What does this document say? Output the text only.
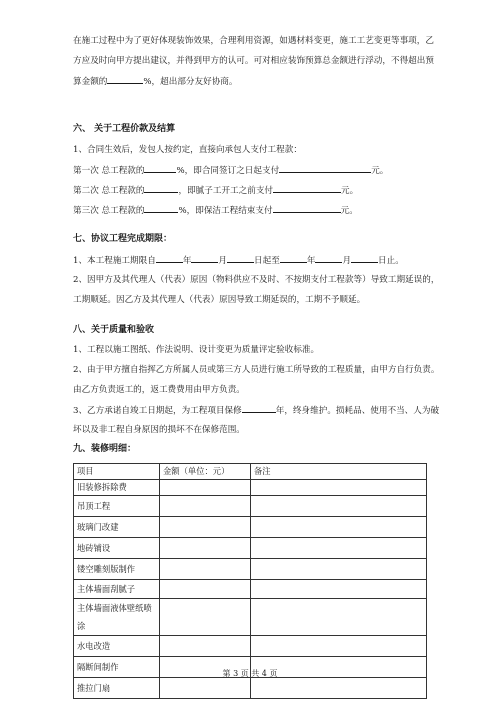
在施工过程中为了更好体现装饰效果，合理利用资源，如遇材料变更，施工工艺变更等事项，乙
方应及时向甲方提出建议，并得到甲方的认可。可对相应装饰预算总金额进行浮动，不得超出预
算金额的	%，超出部分友好协商。
六、 关于工程价款及结算
1、合同生效后，发包人按约定，直接向承包人支付工程款：
第一次 总工程款的	%，即合同签订之日起支付	元。
第二次 总工程款的	，即腻子工开工之前支付	元。
第三次 总工程款的	%，即保洁工程结束支付	元。
七、协议工程完成期限：
1、本工程施工期限自	年	月	日起至	年	月	日止。
2、因甲方及其代理人（代表）原因（物料供应不及时、不按期支付工程款等）导致工期延误的，
工期顺延。因乙方及其代理人（代表）原因导致工期延误的，工期不予顺延。
八、关于质量和验收
1、工程以施工图纸、作法说明、设计变更为质量评定验收标准。
2、由于甲方擅自指挥乙方所属人员或第三方人员进行施工所导致的工程质量，由甲方自行负责。
由乙方负责返工的，返工费费用由甲方负责。
3、乙方承诺自竣工日期起，为工程项目保修	年，终身维护。损耗品、使用不当、人为破
坏以及非工程自身原因的损坏不在保修范围。
项目	金额（单位：元）	备注
旧装修拆除费		
吊顶工程		
玻璃门改建		
地砖铺设		
镂空雕刻版制作		
主体墙面刮腻子		

主体墙面液体壁纸喷
涂		

水电改造		
隔断间制作		
推拉门扇		
九、装修明细：
第 3 页 共 4 页
